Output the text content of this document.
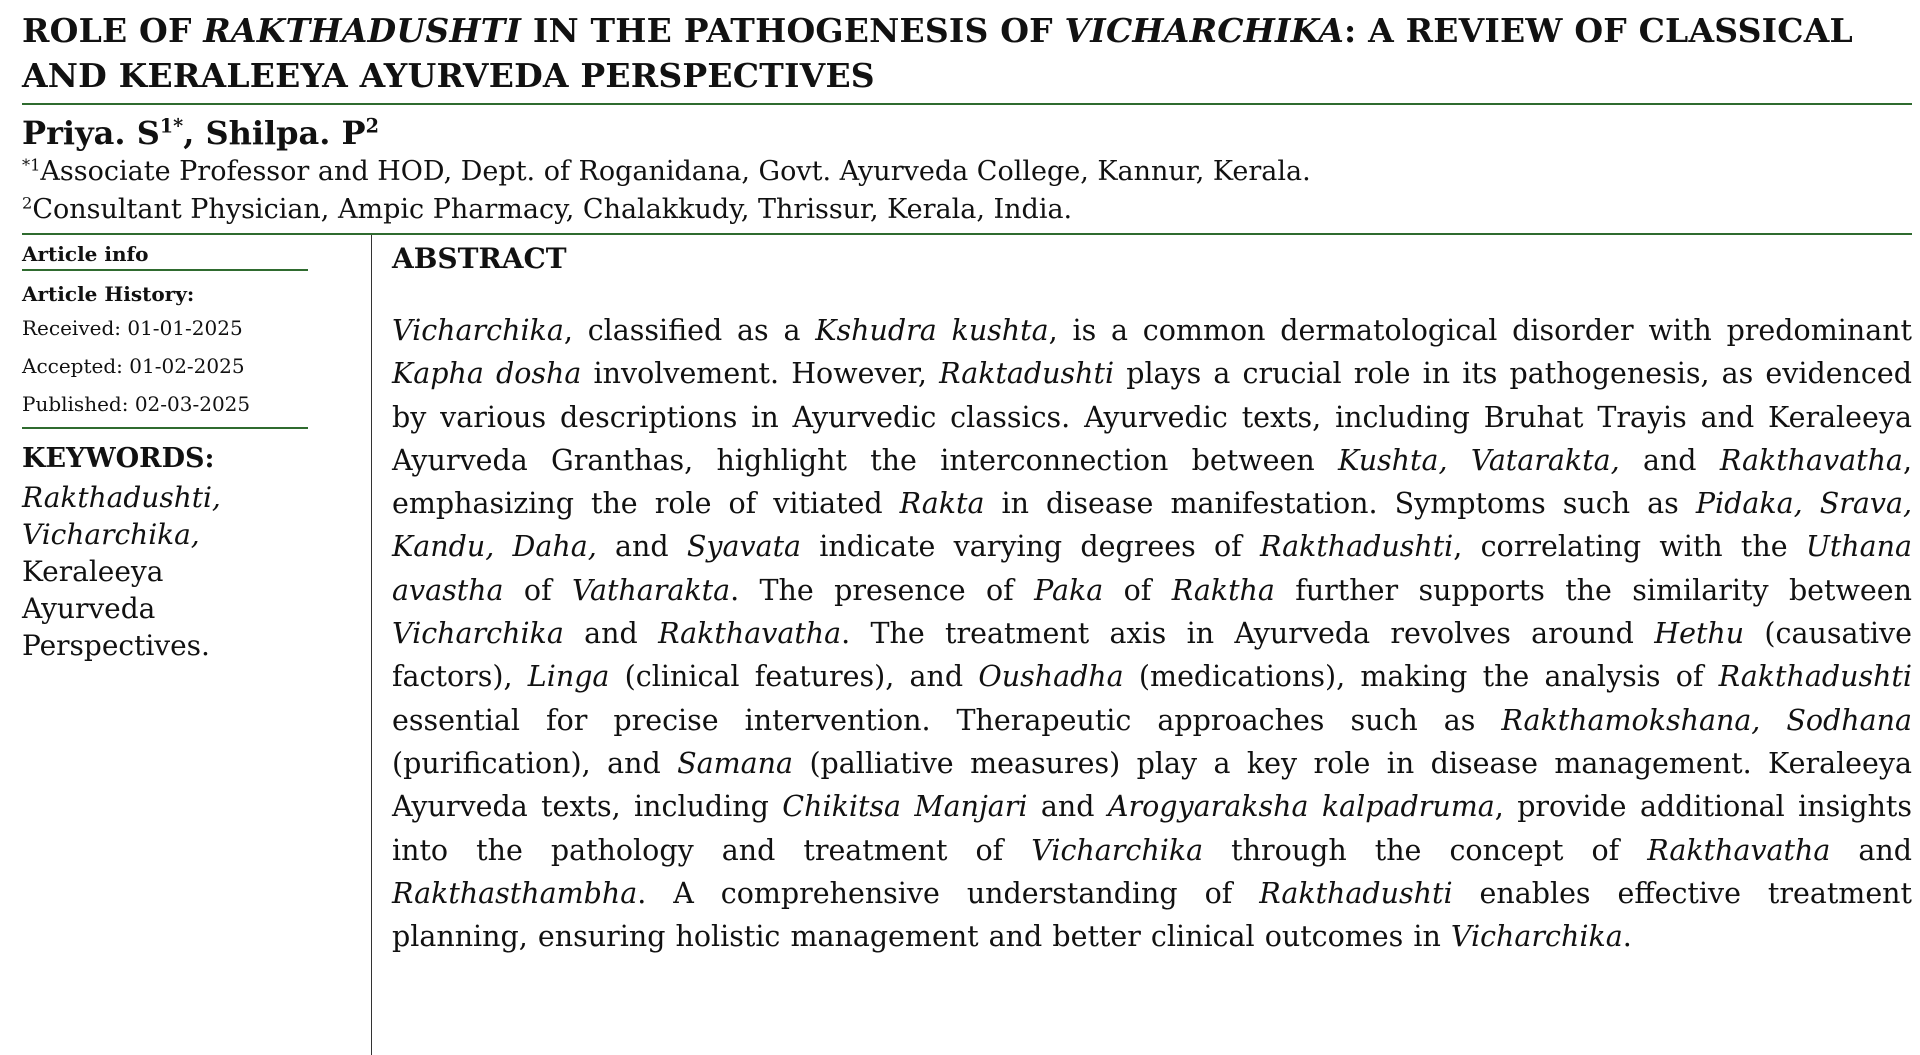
ROLE OF RAKTHADUSHTI IN THE PATHOGENESIS OF VICHARCHIKA: A REVIEW OF CLASSICAL AND KERALEEYA AYURVEDA PERSPECTIVES
Priya. $S^{1*}$, Shilpa. $P^2$
$^{*1}$Associate Professor and HOD, Dept. of Roganidana, Govt. Ayurveda College, Kannur, Kerala.
$^2$Consultant Physician, Ampic Pharmacy, Chalakkudy, Thrissur, Kerala, India.
Article info
Article History:
Received: 01-01-2025
Accepted: 01-02-2025
Published: 02-03-2025
KEYWORDS:
Rakthadushti,
Vicharchika,
Keraleeya
Ayurveda
Perspectives.
ABSTRACT

Vicharchika, classified as a Kshudra kushta, is a common dermatological disorder with predominant Kapha dosha involvement. However, Raktadushti plays a crucial role in its pathogenesis, as evidenced by various descriptions in Ayurvedic classics. Ayurvedic texts, including Bruhat Trayis and Keraleeya Ayurveda Granthas, highlight the interconnection between Kushta, Vatarakta, and Rakthavatha, emphasizing the role of vitiated Rakta in disease manifestation. Symptoms such as Pidaka, Srava, Kandu, Daha, and Syavata indicate varying degrees of Rakthadushti, correlating with the Uthana avastha of Vatharakta. The presence of Paka of Raktha further supports the similarity between Vicharchika and Rakthavatha. The treatment axis in Ayurveda revolves around Hethu (causative factors), Linga (clinical features), and Oushadha (medications), making the analysis of Rakthadushti essential for precise intervention. Therapeutic approaches such as Rakthamokshana, Sodhana (purification), and Samana (palliative measures) play a key role in disease management. Keraleeya Ayurveda texts, including Chikitsa Manjari and Arogyaraksha kalpadruma, provide additional insights into the pathology and treatment of Vicharchika through the concept of Rakthavatha and Rakthasthambha. A comprehensive understanding of Rakthadushti enables effective treatment planning, ensuring holistic management and better clinical outcomes in Vicharchika.
